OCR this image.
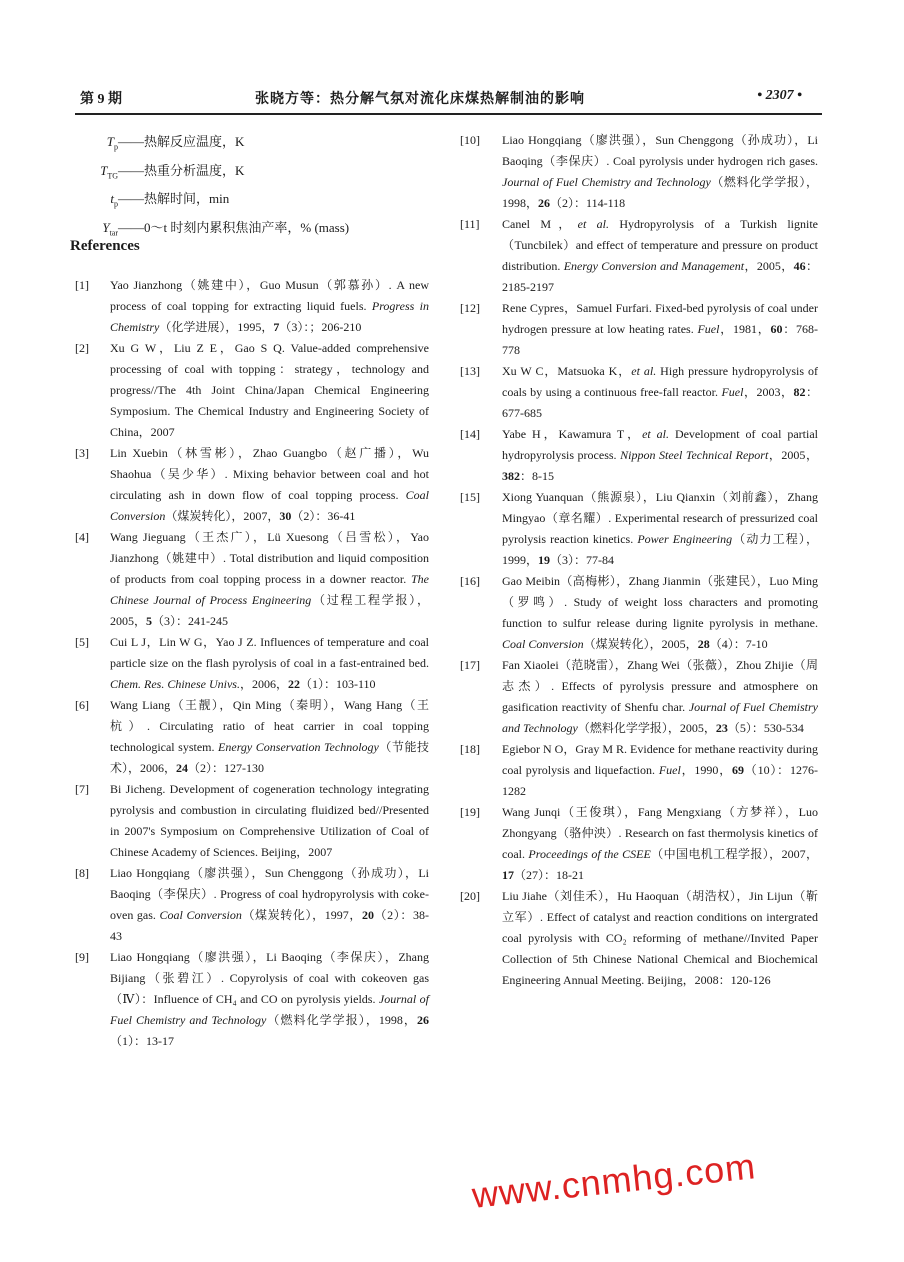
第 9 期	张晓方等：热分解气氛对流化床煤热解制油的影响	• 2307 •
$T_p——$热解反应温度，K
$T_{TG}——$热重分析温度，K
$t_p——$热解时间，min
$Y_{tar}——0\sim t$ 时刻内累积焦油产率，% (mass)
References
[1] Yao Jianzhong（姚建中），Guo Musun（郭慕孙）. A new process of coal topping for extracting liquid fuels. Progress in Chemistry（化学进展），1995，7（3）：；206-210
[2] Xu G W，Liu Z E，Gao S Q. Value-added comprehensive processing of coal with topping：strategy，technology and progress//The 4th Joint China/Japan Chemical Engineering Symposium. The Chemical Industry and Engineering Society of China，2007
[3] Lin Xuebin（林雪彬），Zhao Guangbo（赵广播），Wu Shaohua（吴少华）. Mixing behavior between coal and hot circulating ash in down flow of coal topping process. Coal Conversion（煤炭转化），2007，30（2）：36-41
[4] Wang Jieguang（王杰广），Lü Xuesong（吕雪松），Yao Jianzhong（姚建中）. Total distribution and liquid composition of products from coal topping process in a downer reactor. The Chinese Journal of Process Engineering（过程工程学报），2005，5（3）：241-245
[5] Cui L J，Lin W G，Yao J Z. Influences of temperature and coal particle size on the flash pyrolysis of coal in a fast-entrained bed. Chem. Res. Chinese Univs.，2006，22（1）：103-110
[6] Wang Liang（王靓），Qin Ming（秦明），Wang Hang（王杭）. Circulating ratio of heat carrier in coal topping technological system. Energy Conservation Technology（节能技术），2006，24（2）：127-130
[7] Bi Jicheng. Development of cogeneration technology integrating pyrolysis and combustion in circulating fluidized bed//Presented in 2007's Symposium on Comprehensive Utilization of Coal of Chinese Academy of Sciences. Beijing，2007
[8] Liao Hongqiang（廖洪强），Sun Chenggong（孙成功），Li Baoqing（李保庆）. Progress of coal hydropyrolysis with coke-oven gas. Coal Conversion（煤炭转化），1997，20（2）：38-43
[9] Liao Hongqiang（廖洪强），Li Baoqing（李保庆），Zhang Bijiang（张碧江）. Copyrolysis of coal with cokeoven gas（Ⅳ）：Influence of CH₄ and CO on pyrolysis yields. Journal of Fuel Chemistry and Technology（燃料化学学报），1998，26（1）：13-17
[10] Liao Hongqiang（廖洪强），Sun Chenggong（孙成功），Li Baoqing（李保庆）. Coal pyrolysis under hydrogen rich gases. Journal of Fuel Chemistry and Technology（燃料化学学报），1998，26（2）：114-118
[11] Canel M，et al. Hydropyrolysis of a Turkish lignite（Tuncbilek）and effect of temperature and pressure on product distribution. Energy Conversion and Management，2005，46：2185-2197
[12] Rene Cypres，Samuel Furfari. Fixed-bed pyrolysis of coal under hydrogen pressure at low heating rates. Fuel，1981，60：768-778
[13] Xu W C，Matsuoka K，et al. High pressure hydropyrolysis of coals by using a continuous free-fall reactor. Fuel，2003，82：677-685
[14] Yabe H，Kawamura T，et al. Development of coal partial hydropyrolysis process. Nippon Steel Technical Report，2005，382：8-15
[15] Xiong Yuanquan（熊源泉），Liu Qianxin（刘前鑫），Zhang Mingyao（章名耀）. Experimental research of pressurized coal pyrolysis reaction kinetics. Power Engineering（动力工程），1999，19（3）：77-84
[16] Gao Meibin（高梅彬），Zhang Jianmin（张建民），Luo Ming（罗鸣）. Study of weight loss characters and promoting function to sulfur release during lignite pyrolysis in methane. Coal Conversion（煤炭转化），2005，28（4）：7-10
[17] Fan Xiaolei（范晓雷），Zhang Wei（张薇），Zhou Zhijie（周志杰）. Effects of pyrolysis pressure and atmosphere on gasification reactivity of Shenfu char. Journal of Fuel Chemistry and Technology（燃料化学学报），2005，23（5）：530-534
[18] Egiebor N O，Gray M R. Evidence for methane reactivity during coal pyrolysis and liquefaction. Fuel，1990，69（10）：1276-1282
[19] Wang Junqi（王俊琪），Fang Mengxiang（方梦祥），Luo Zhongyang（骆仲泱）. Research on fast thermolysis kinetics of coal. Proceedings of the CSEE（中国电机工程学报），2007，17（27）：18-21
[20] Liu Jiahe（刘佳禾），Hu Haoquan（胡浩权），Jin Lijun（靳立军）. Effect of catalyst and reaction conditions on intergrated coal pyrolysis with CO₂ reforming of methane//Invited Paper Collection of 5th Chinese National Chemical and Biochemical Engineering Annual Meeting. Beijing，2008：120-126
www.cnmhg.com
